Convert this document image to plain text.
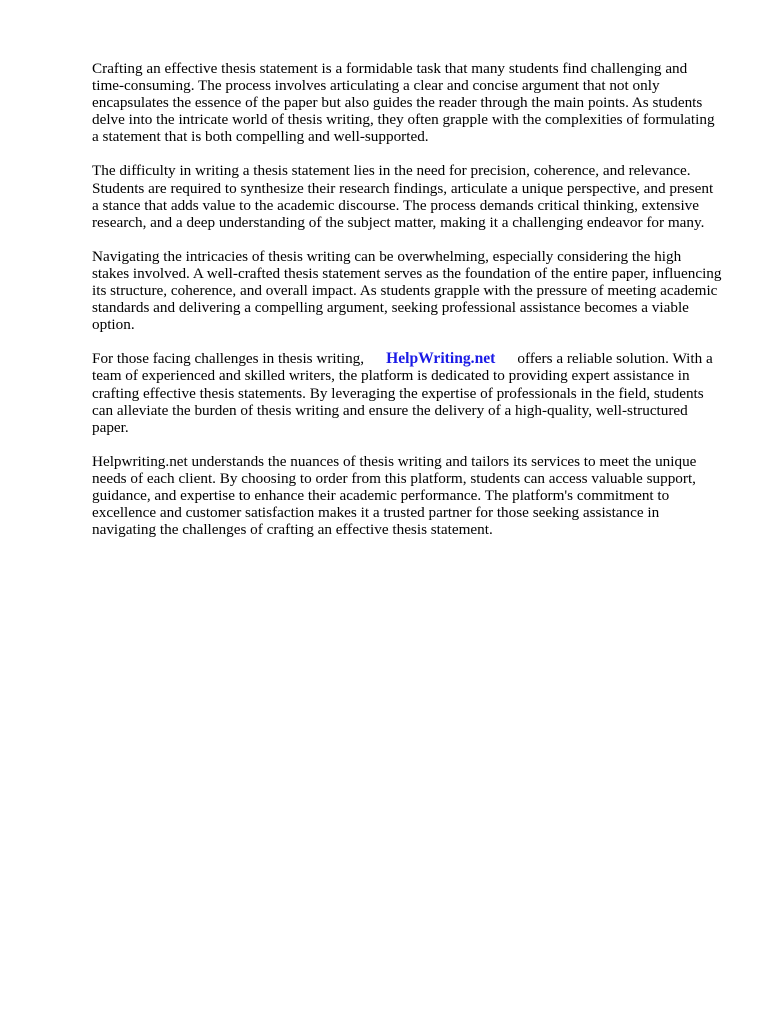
Crafting an effective thesis statement is a formidable task that many students find challenging and time-consuming. The process involves articulating a clear and concise argument that not only encapsulates the essence of the paper but also guides the reader through the main points. As students delve into the intricate world of thesis writing, they often grapple with the complexities of formulating a statement that is both compelling and well-supported.

The difficulty in writing a thesis statement lies in the need for precision, coherence, and relevance. Students are required to synthesize their research findings, articulate a unique perspective, and present a stance that adds value to the academic discourse. The process demands critical thinking, extensive research, and a deep understanding of the subject matter, making it a challenging endeavor for many.

Navigating the intricacies of thesis writing can be overwhelming, especially considering the high stakes involved. A well-crafted thesis statement serves as the foundation of the entire paper, influencing its structure, coherence, and overall impact. As students grapple with the pressure of meeting academic standards and delivering a compelling argument, seeking professional assistance becomes a viable option.

For those facing challenges in thesis writing, HelpWriting.net offers a reliable solution. With a team of experienced and skilled writers, the platform is dedicated to providing expert assistance in crafting effective thesis statements. By leveraging the expertise of professionals in the field, students can alleviate the burden of thesis writing and ensure the delivery of a high-quality, well-structured paper.

Helpwriting.net understands the nuances of thesis writing and tailors its services to meet the unique needs of each client. By choosing to order from this platform, students can access valuable support, guidance, and expertise to enhance their academic performance. The platform's commitment to excellence and customer satisfaction makes it a trusted partner for those seeking assistance in navigating the challenges of crafting an effective thesis statement.
